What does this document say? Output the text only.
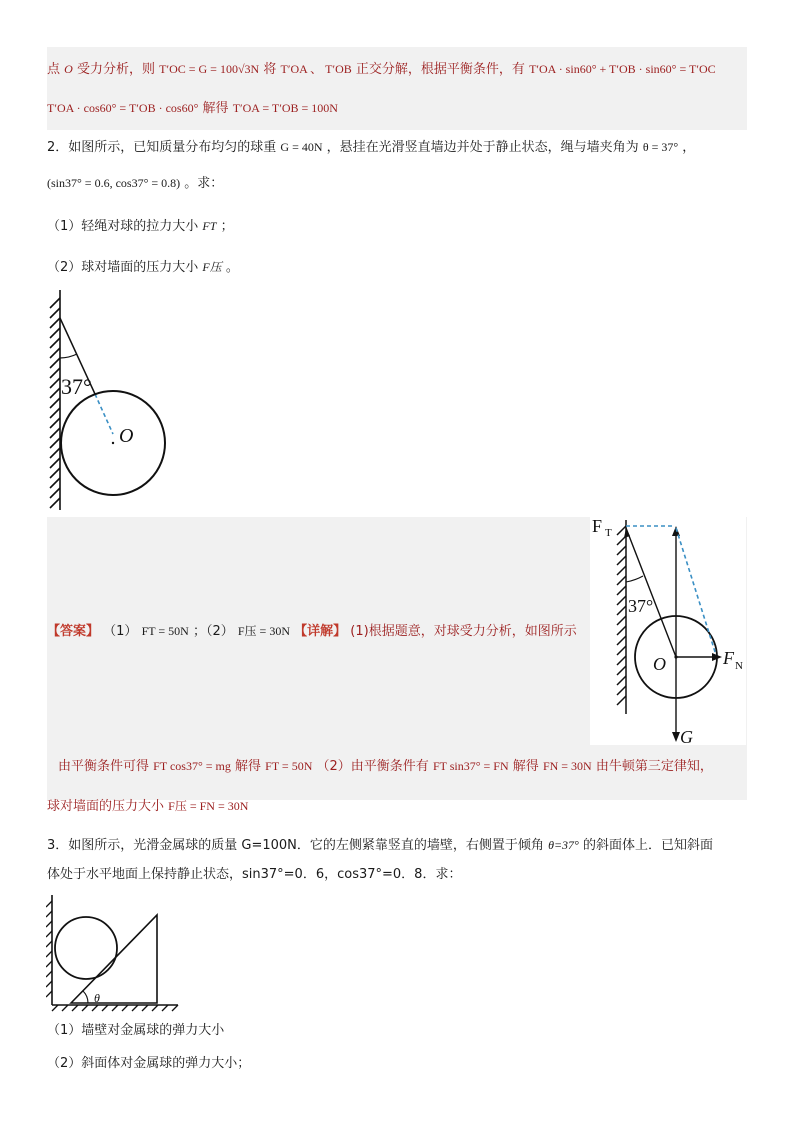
点 O 受力分析，则 T′OC = G = 100√3N 将 T′OA 、 T′OB 正交分解，根据平衡条件，有 T′OA · sin60° + T′OB · sin60° = T′OC
T′OA · cos60° = T′OB · cos60° 解得 T′OA = T′OB = 100N
2．如图所示，已知质量分布均匀的球重 G = 40N ，悬挂在光滑竖直墙边并处于静止状态，绳与墙夹角为 θ = 37° ，
(sin37° = 0.6, cos37° = 0.8) 。求：
（1）轻绳对球的拉力大小 FT ；
（2）球对墙面的压力大小 F压 。
37°
O
【答案】 （1） FT = 50N ；（2） F压 = 30N 【详解】 (1)根据题意，对球受力分析，如图所示
F T
37°
O	F N
G
由平衡条件可得 FT cos37° = mg 解得 FT = 50N （2）由平衡条件有 FT sin37° = FN 解得 FN = 30N 由牛顿第三定律知，
球对墙面的压力大小 F压 = FN = 30N
3．如图所示，光滑金属球的质量 G=100N．它的左侧紧靠竖直的墙壁，右侧置于倾角 θ=37° 的斜面体上．已知斜面
体处于水平地面上保持静止状态，sin37°=0．6，cos37°=0．8．求：
θ
（1）墙壁对金属球的弹力大小
（2）斜面体对金属球的弹力大小；
